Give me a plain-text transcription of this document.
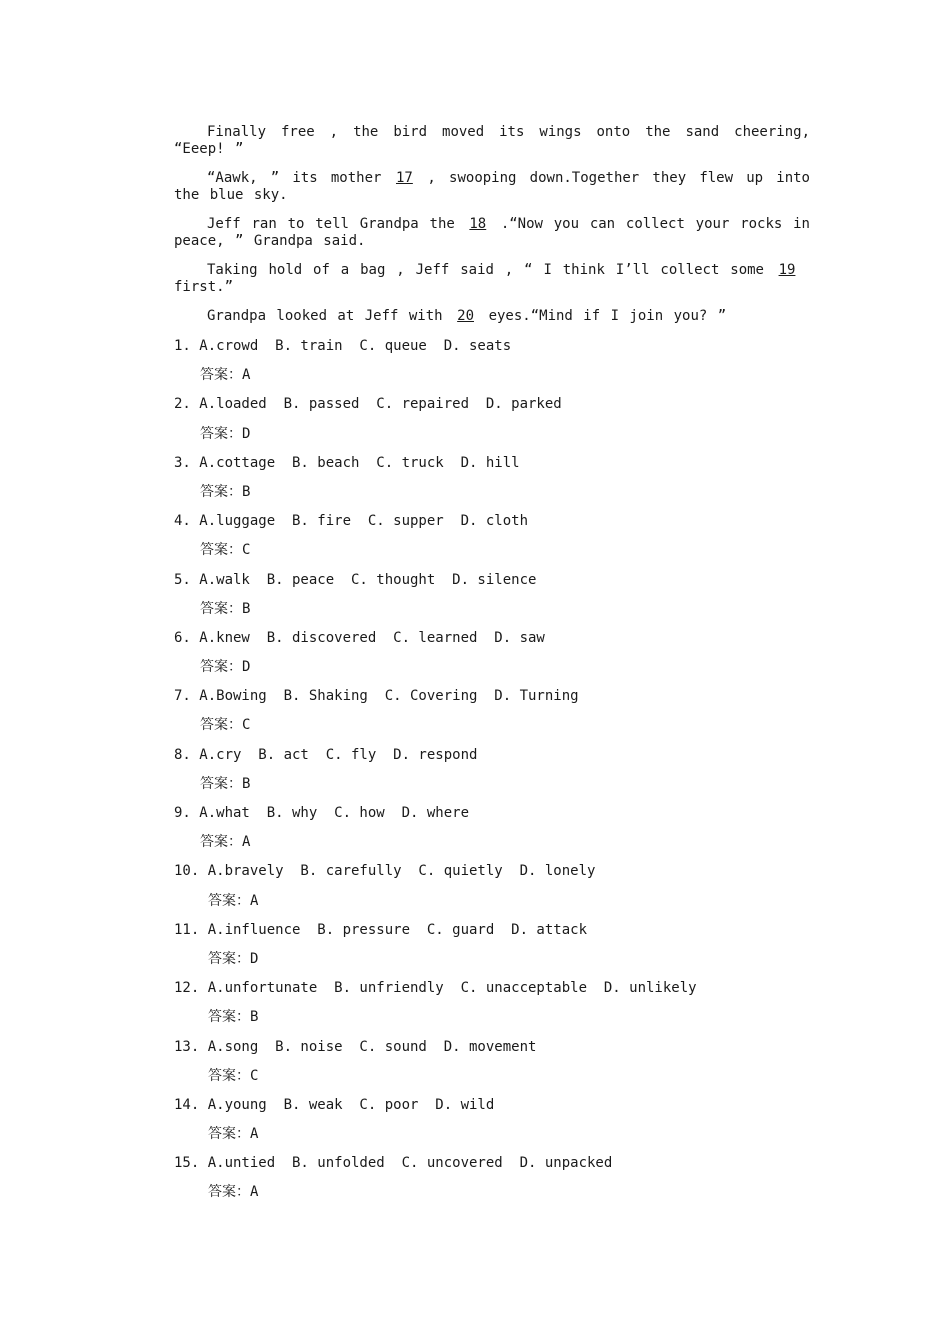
Finally free , the bird moved its wings onto the sand cheering, “Eeep! ”

“Aawk, ” its mother 17 , swooping down.Together they flew up into the blue sky.

Jeff ran to tell Grandpa the 18 .“Now you can collect your rocks in peace, ” Grandpa said.

Taking hold of a bag , Jeff said , “ I think I’ll collect some 19first.”

Grandpa looked at Jeff with 20 eyes.“Mind if I join you? ”

1. A.crowd  B. train  C. queue  D. seats
答案：A
2. A.loaded  B. passed  C. repaired  D. parked
答案：D
3. A.cottage  B. beach  C. truck  D. hill
答案：B
4. A.luggage  B. fire  C. supper  D. cloth
答案：C
5. A.walk  B. peace  C. thought  D. silence
答案：B
6. A.knew  B. discovered  C. learned  D. saw
答案：D
7. A.Bowing  B. Shaking  C. Covering  D. Turning
答案：C
8. A.cry  B. act  C. fly  D. respond
答案：B
9. A.what  B. why  C. how  D. where
答案：A
10. A.bravely  B. carefully  C. quietly  D. lonely
答案：A
11. A.influence  B. pressure  C. guard  D. attack
答案：D
12. A.unfortunate  B. unfriendly  C. unacceptable  D. unlikely
答案：B
13. A.song  B. noise  C. sound  D. movement
答案：C
14. A.young  B. weak  C. poor  D. wild
答案：A
15. A.untied  B. unfolded  C. uncovered  D. unpacked
答案：A
